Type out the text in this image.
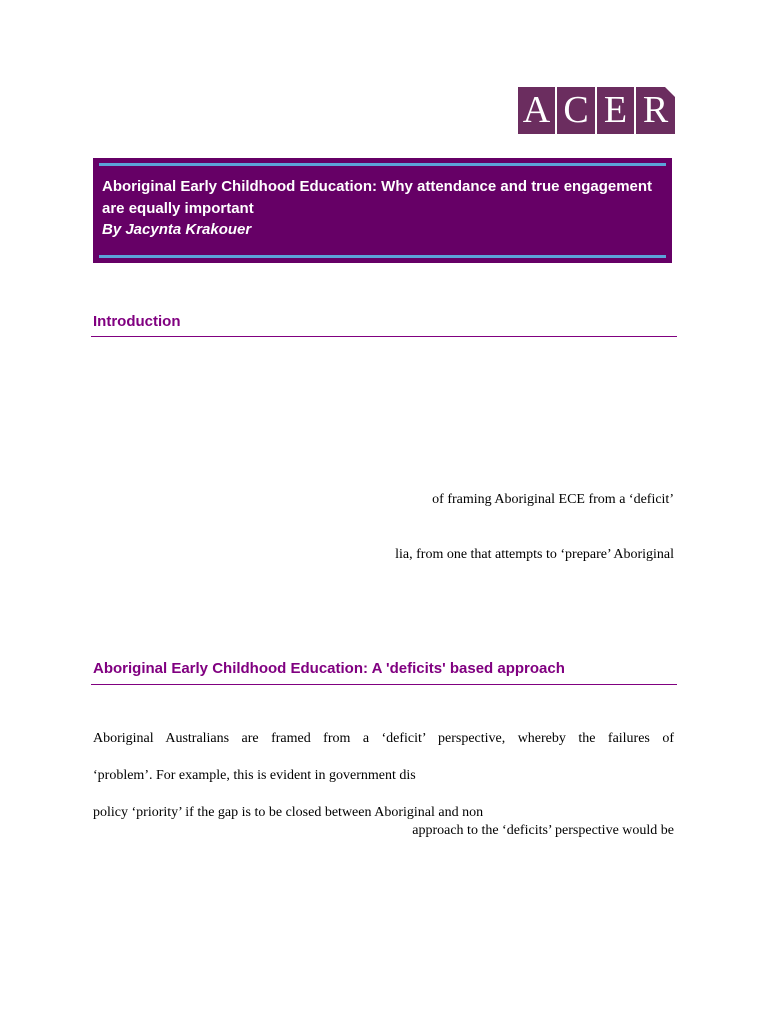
A C E R

Aboriginal Early Childhood Education: Why attendance and true engagement are equally important

By Jacynta Krakouer

Introduction

of framing Aboriginal ECE from a ‘deficit’

lia, from one that attempts to ‘prepare’ Aboriginal

Aboriginal Early Childhood Education: A 'deficits' based approach

Aboriginal Australians are framed from a ‘deficit’ perspective, whereby the failures of

‘problem’. For example, this is evident in government dis

policy ‘priority’ if the gap is to be closed between Aboriginal and non

approach to the ‘deficits’ perspective would be
